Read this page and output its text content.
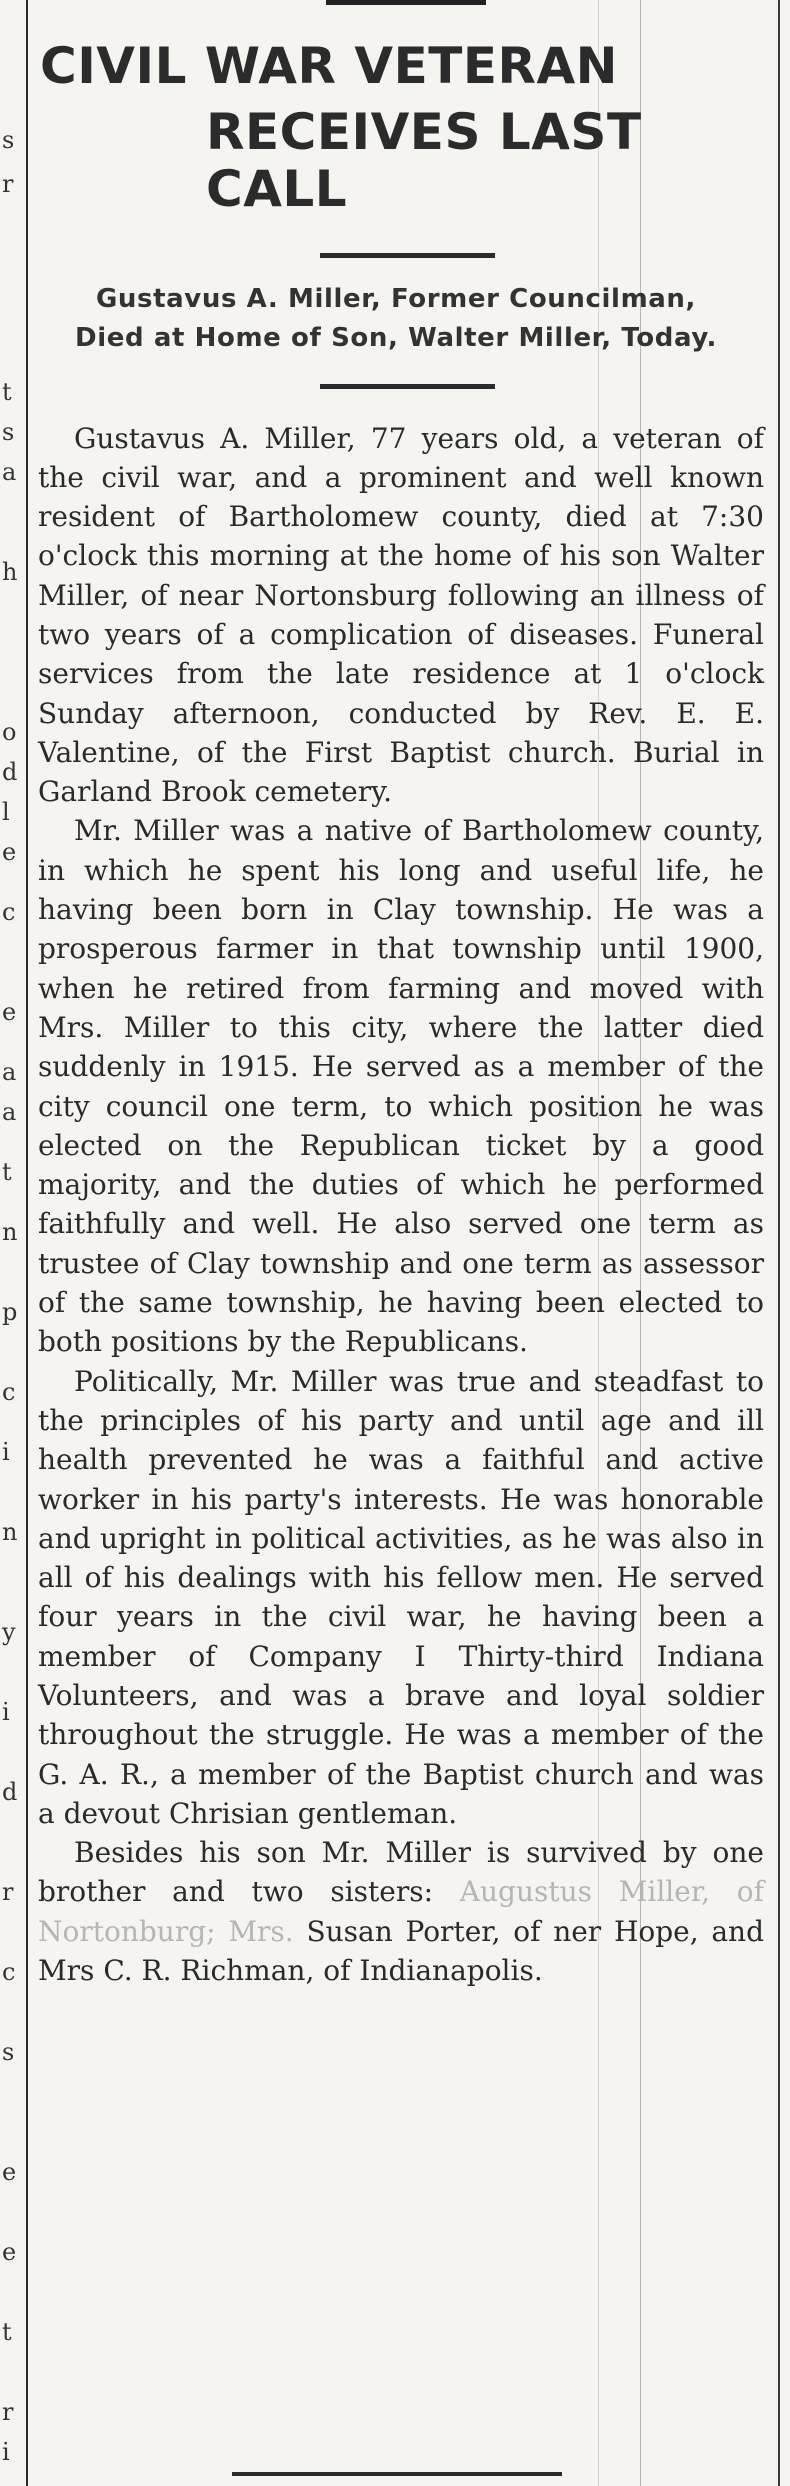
s
r
t
s
a
h
o
d
l
e
c
e
a
a
t
n
p
c
i
n
y
i
d
r
c
s
e
e
t
r
i
CIVIL WAR VETERAN
RECEIVES LAST CALL
Gustavus A. Miller, Former Councilman, Died at Home of Son, Walter Miller, Today.

Gustavus A. Miller, 77 years old, a veteran of the civil war, and a prominent and well known resident of Bartholomew county, died at 7:30 o'clock this morning at the home of his son Walter Miller, of near Nortonsburg following an illness of two years of a complication of diseases. Funeral services from the late residence at 1 o'clock Sunday afternoon, conducted by Rev. E. E. Valentine, of the First Baptist church. Burial in Garland Brook cemetery.

Mr. Miller was a native of Bartholomew county, in which he spent his long and useful life, he having been born in Clay township. He was a prosperous farmer in that township until 1900, when he retired from farming and moved with Mrs. Miller to this city, where the latter died suddenly in 1915. He served as a member of the city council one term, to which position he was elected on the Republican ticket by a good majority, and the duties of which he performed faithfully and well. He also served one term as trustee of Clay township and one term as assessor of the same township, he having been elected to both positions by the Republicans.

Politically, Mr. Miller was true and steadfast to the principles of his party and until age and ill health prevented he was a faithful and active worker in his party's interests. He was honorable and upright in political activities, as he was also in all of his dealings with his fellow men. He served four years in the civil war, he having been a member of Company I Thirty-third Indiana Volunteers, and was a brave and loyal soldier throughout the struggle. He was a member of the G. A. R., a member of the Baptist church and was a devout Chrisian gentleman.

Besides his son Mr. Miller is survived by one brother and two sisters: Augustus Miller, of Nortonburg; Mrs. Susan Porter, of ner Hope, and Mrs C. R. Richman, of Indianapolis.
